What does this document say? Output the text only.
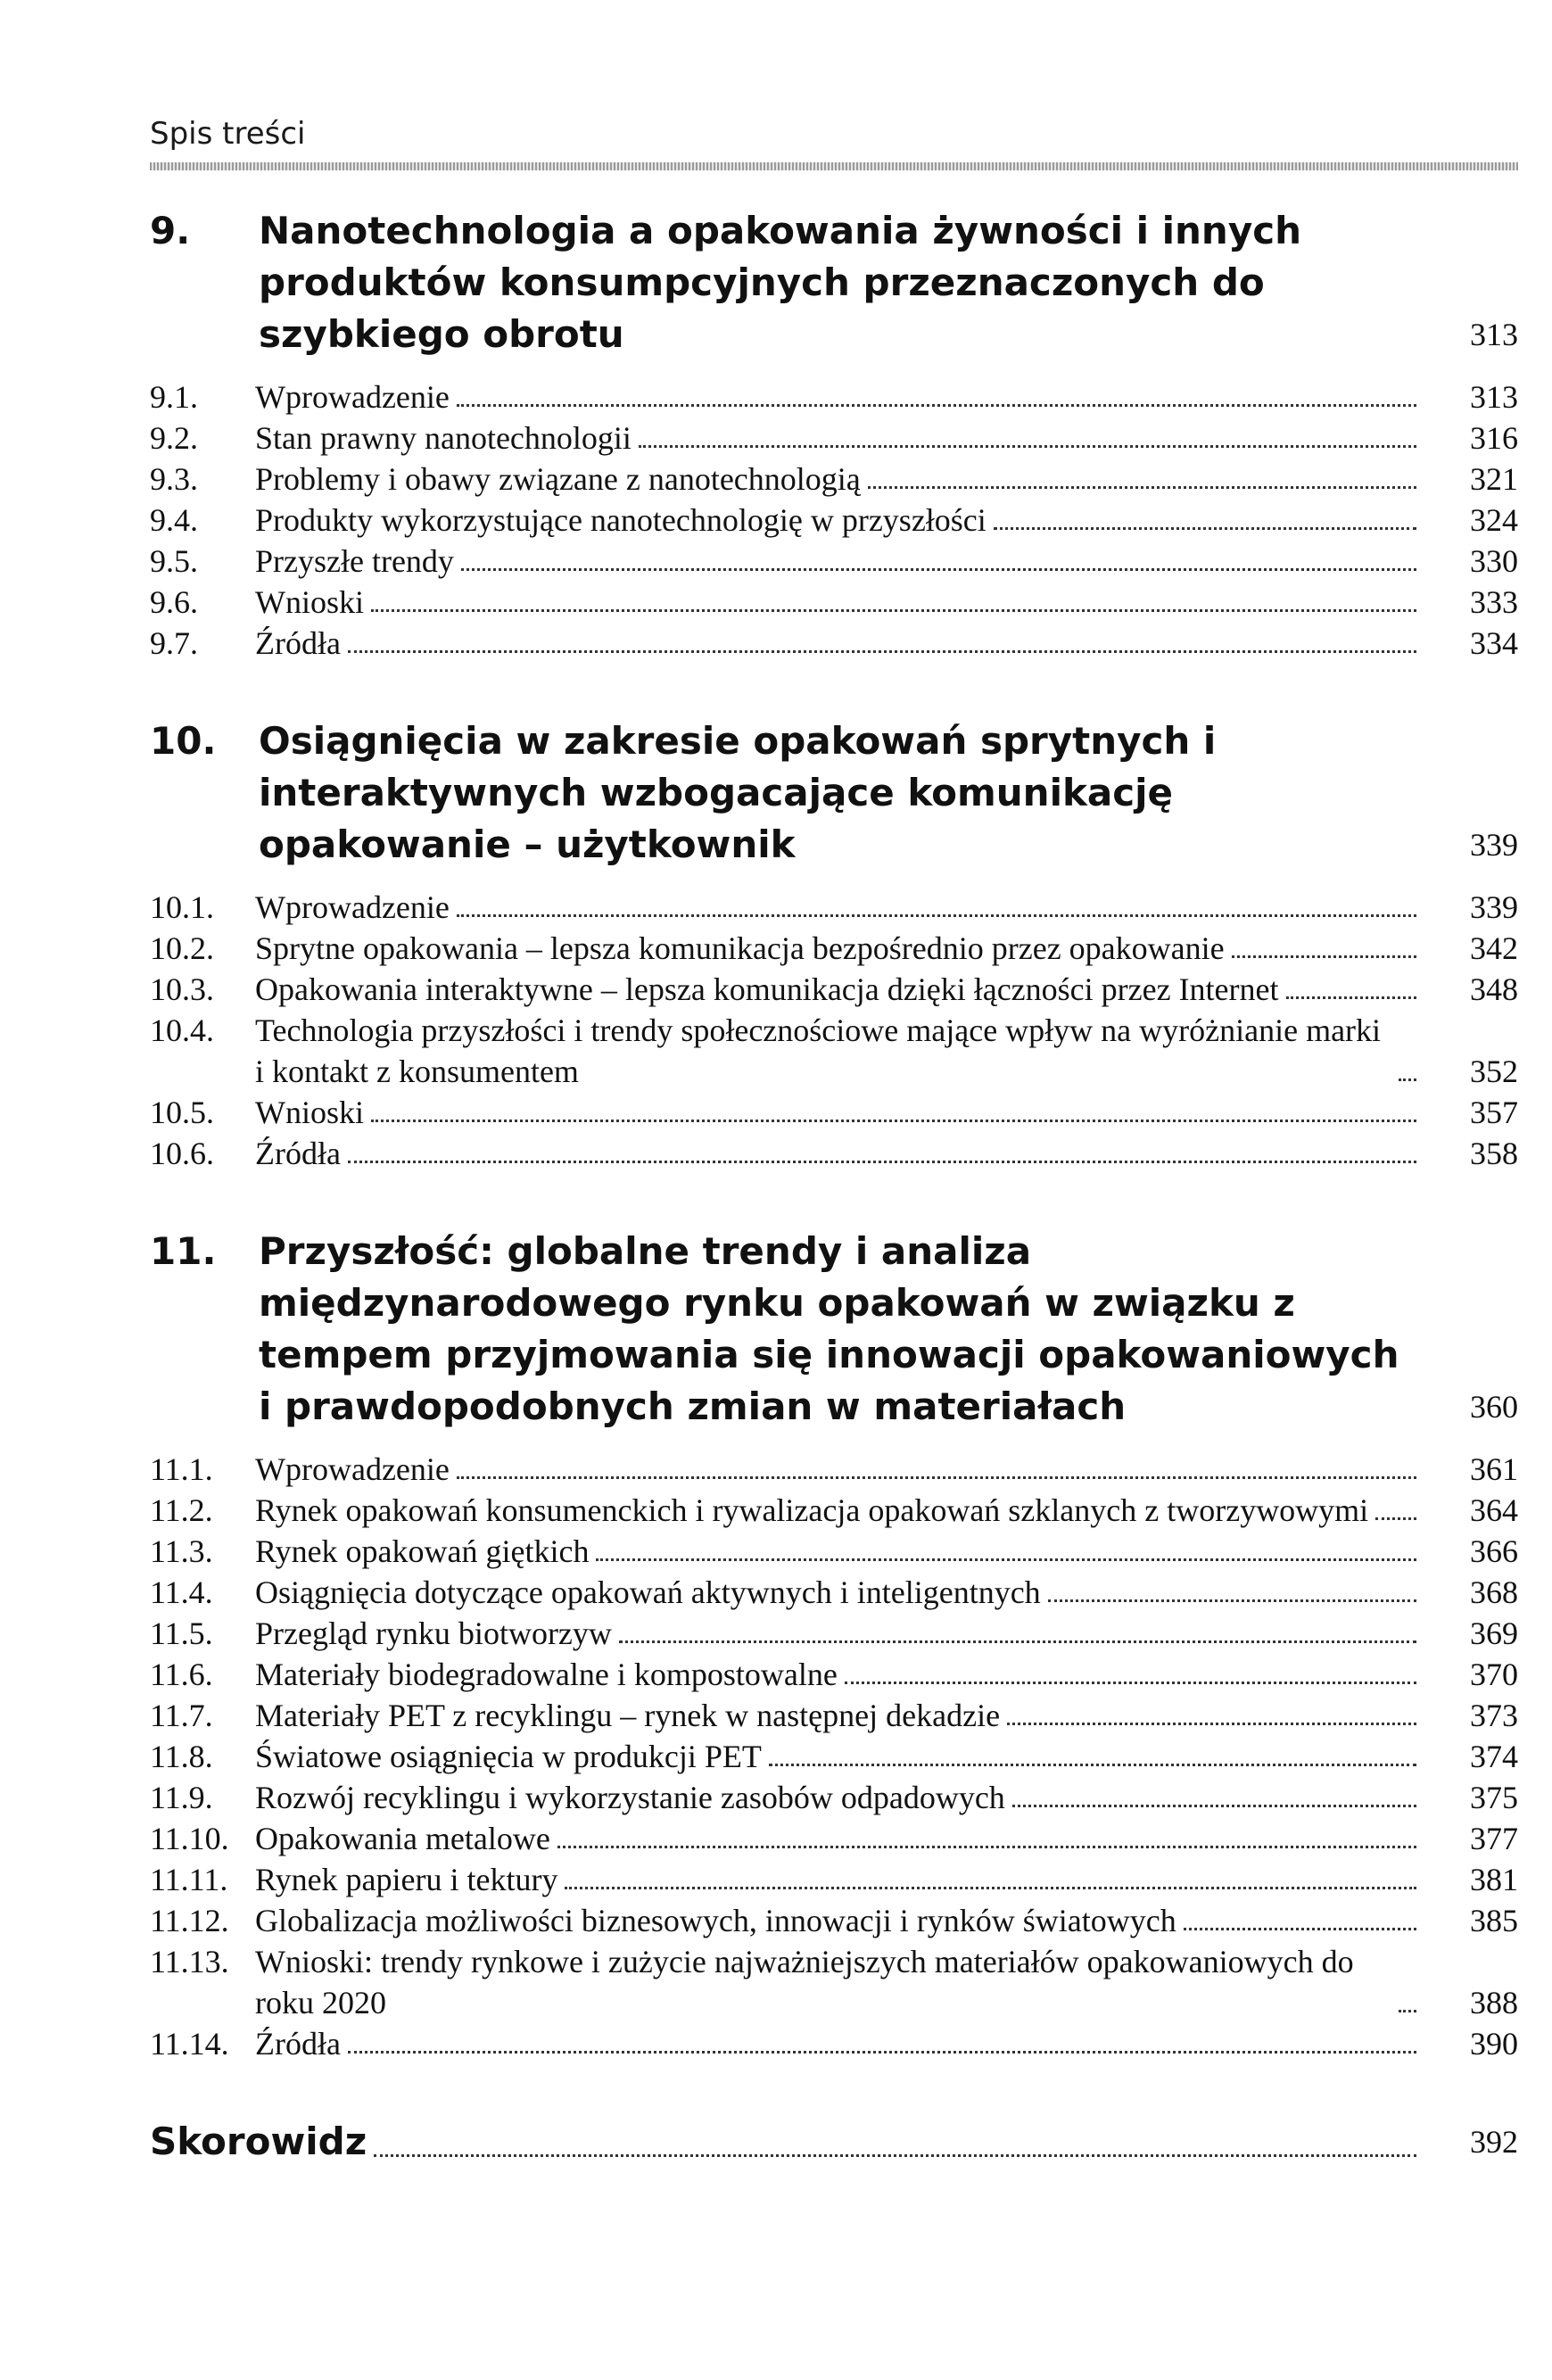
Spis treści
9. Nanotechnologia a opakowania żywności i innych produktów konsumpcyjnych przeznaczonych do szybkiego obrotu	313
9.1. Wprowadzenie	313
9.2. Stan prawny nanotechnologii	316
9.3. Problemy i obawy związane z nanotechnologią	321
9.4. Produkty wykorzystujące nanotechnologię w przyszłości	324
9.5. Przyszłe trendy	330
9.6. Wnioski	333
9.7. Źródła	334
10. Osiągnięcia w zakresie opakowań sprytnych i interaktywnych wzbogacające komunikację opakowanie – użytkownik	339
10.1. Wprowadzenie	339
10.2. Sprytne opakowania – lepsza komunikacja bezpośrednio przez opakowanie	342
10.3. Opakowania interaktywne – lepsza komunikacja dzięki łączności przez Internet	348
10.4. Technologia przyszłości i trendy społecznościowe mające wpływ na wyróżnianie marki i kontakt z konsumentem	352
10.5. Wnioski	357
10.6. Źródła	358
11. Przyszłość: globalne trendy i analiza międzynarodowego rynku opakowań w związku z tempem przyjmowania się innowacji opakowaniowych i prawdopodobnych zmian w materiałach	360
11.1. Wprowadzenie	361
11.2. Rynek opakowań konsumenckich i rywalizacja opakowań szklanych z tworzywowymi	364
11.3. Rynek opakowań giętkich	366
11.4. Osiągnięcia dotyczące opakowań aktywnych i inteligentnych	368
11.5. Przegląd rynku biotworzyw	369
11.6. Materiały biodegradowalne i kompostowalne	370
11.7. Materiały PET z recyklingu – rynek w następnej dekadzie	373
11.8. Światowe osiągnięcia w produkcji PET	374
11.9. Rozwój recyklingu i wykorzystanie zasobów odpadowych	375
11.10. Opakowania metalowe	377
11.11. Rynek papieru i tektury	381
11.12. Globalizacja możliwości biznesowych, innowacji i rynków światowych	385
11.13. Wnioski: trendy rynkowe i zużycie najważniejszych materiałów opakowaniowych do roku 2020	388
11.14. Źródła	390
Skorowidz	392
